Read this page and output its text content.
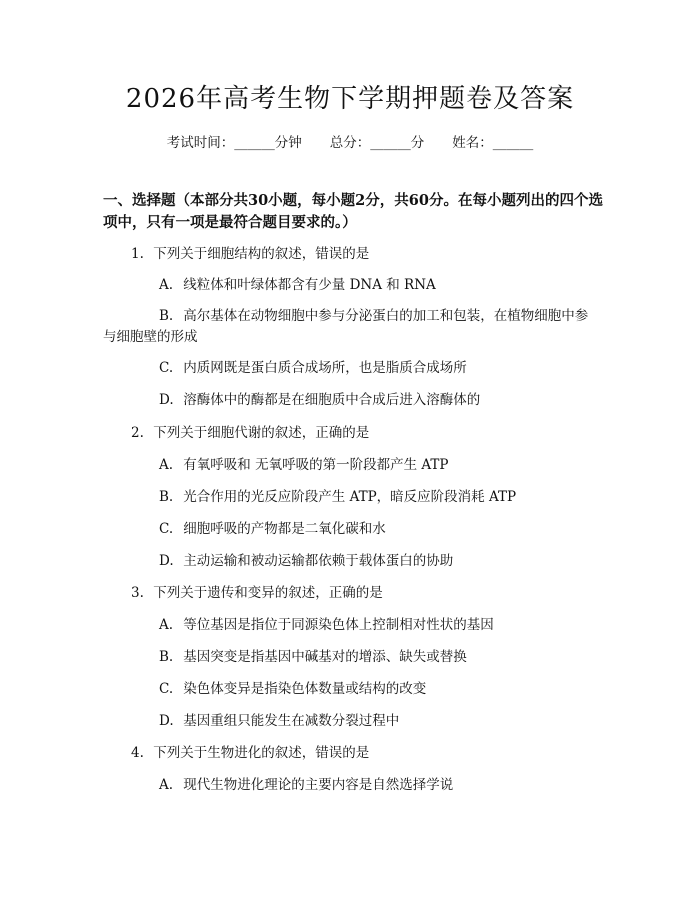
2026年高考生物下学期押题卷及答案
考试时间：______分钟 总分：______分 姓名：______
一、选择题（本部分共30小题，每小题2分，共60分。在每小题列出的四个选项中，只有一项是最符合题目要求的。）
1. 下列关于细胞结构的叙述，错误的是
A. 线粒体和叶绿体都含有少量 DNA 和 RNA
B. 高尔基体在动物细胞中参与分泌蛋白的加工和包装，在植物细胞中参
与细胞壁的形成
C. 内质网既是蛋白质合成场所，也是脂质合成场所
D. 溶酶体中的酶都是在细胞质中合成后进入溶酶体的
2. 下列关于细胞代谢的叙述，正确的是
A. 有氧呼吸和 无氧呼吸的第一阶段都产生 ATP
B. 光合作用的光反应阶段产生 ATP，暗反应阶段消耗 ATP
C. 细胞呼吸的产物都是二氧化碳和水
D. 主动运输和被动运输都依赖于载体蛋白的协助
3. 下列关于遗传和变异的叙述，正确的是
A. 等位基因是指位于同源染色体上控制相对性状的基因
B. 基因突变是指基因中碱基对的增添、缺失或替换
C. 染色体变异是指染色体数量或结构的改变
D. 基因重组只能发生在减数分裂过程中
4. 下列关于生物进化的叙述，错误的是
A. 现代生物进化理论的主要内容是自然选择学说
